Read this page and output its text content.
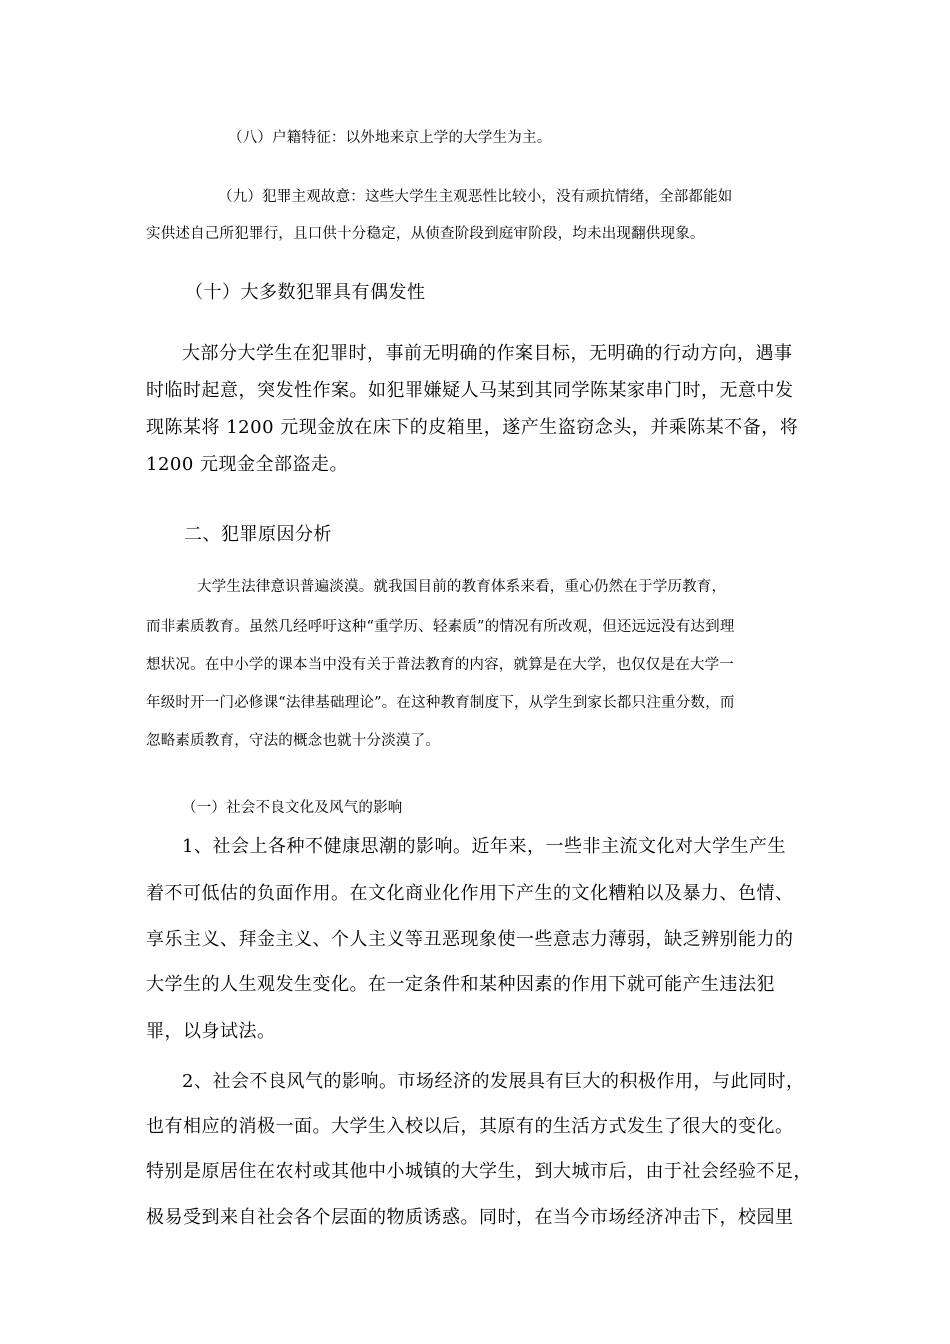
（八）户籍特征：以外地来京上学的大学生为主。

（九）犯罪主观故意：这些大学生主观恶性比较小，没有顽抗情绪，全部都能如

实供述自己所犯罪行，且口供十分稳定，从侦查阶段到庭审阶段，均未出现翻供现象。

（十）大多数犯罪具有偶发性

大部分大学生在犯罪时，事前无明确的作案目标，无明确的行动方向，遇事

时临时起意，突发性作案。如犯罪嫌疑人马某到其同学陈某家串门时，无意中发

现陈某将 1200 元现金放在床下的皮箱里，遂产生盗窃念头，并乘陈某不备，将

1200 元现金全部盗走。

二、犯罪原因分析

大学生法律意识普遍淡漠。就我国目前的教育体系来看，重心仍然在于学历教育，

而非素质教育。虽然几经呼吁这种“重学历、轻素质”的情况有所改观，但还远远没有达到理

想状况。在中小学的课本当中没有关于普法教育的内容，就算是在大学，也仅仅是在大学一

年级时开一门必修课“法律基础理论”。在这种教育制度下，从学生到家长都只注重分数，而

忽略素质教育，守法的概念也就十分淡漠了。

（一）社会不良文化及风气的影响

1、社会上各种不健康思潮的影响。近年来，一些非主流文化对大学生产生

着不可低估的负面作用。在文化商业化作用下产生的文化糟粕以及暴力、色情、

享乐主义、拜金主义、个人主义等丑恶现象使一些意志力薄弱，缺乏辨别能力的

大学生的人生观发生变化。在一定条件和某种因素的作用下就可能产生违法犯

罪，以身试法。

2、社会不良风气的影响。市场经济的发展具有巨大的积极作用，与此同时，

也有相应的消极一面。大学生入校以后，其原有的生活方式发生了很大的变化。

特别是原居住在农村或其他中小城镇的大学生，到大城市后，由于社会经验不足，

极易受到来自社会各个层面的物质诱惑。同时，在当今市场经济冲击下，校园里
